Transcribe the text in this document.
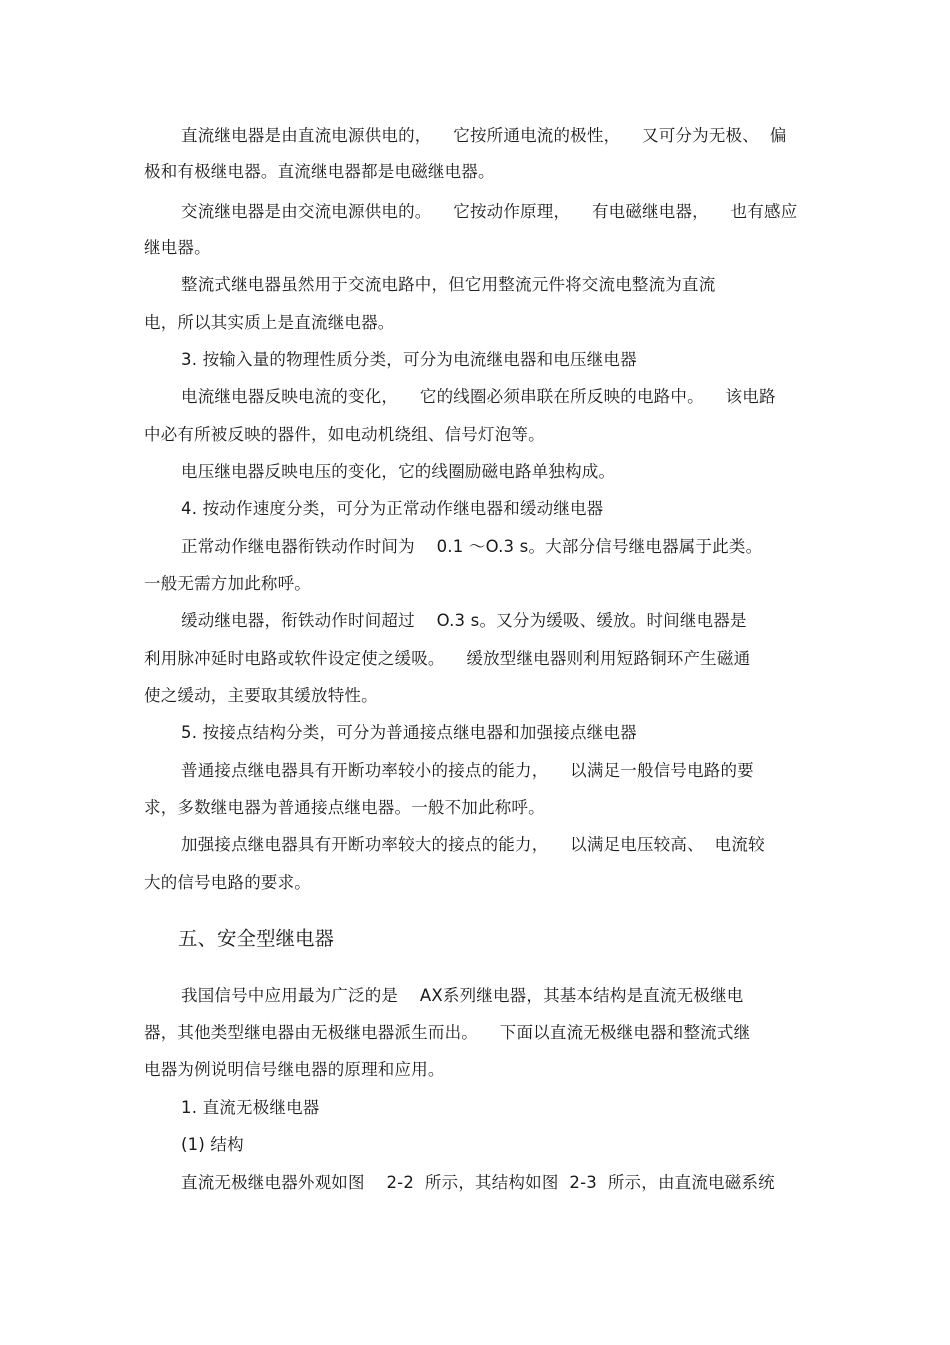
直流继电器是由直流电源供电的，    它按所通电流的极性，    又可分为无极、  偏
极和有极继电器。直流继电器都是电磁继电器。
交流继电器是由交流电源供电的。    它按动作原理，    有电磁继电器，    也有感应
继电器。
整流式继电器虽然用于交流电路中，但它用整流元件将交流电整流为直流
电，所以其实质上是直流继电器。
3. 按输入量的物理性质分类，可分为电流继电器和电压继电器
电流继电器反映电流的变化，    它的线圈必须串联在所反映的电路中。    该电路
中必有所被反映的器件，如电动机绕组、信号灯泡等。
电压继电器反映电压的变化，它的线圈励磁电路单独构成。
4. 按动作速度分类，可分为正常动作继电器和缓动继电器
正常动作继电器衔铁动作时间为    0.1 ～O.3 s。大部分信号继电器属于此类。
一般无需方加此称呼。
缓动继电器，衔铁动作时间超过    O.3 s。又分为缓吸、缓放。时间继电器是
利用脉冲延时电路或软件设定使之缓吸。    缓放型继电器则利用短路铜环产生磁通
使之缓动，主要取其缓放特性。
5. 按接点结构分类，可分为普通接点继电器和加强接点继电器
普通接点继电器具有开断功率较小的接点的能力，    以满足一般信号电路的要
求，多数继电器为普通接点继电器。一般不加此称呼。
加强接点继电器具有开断功率较大的接点的能力，    以满足电压较高、  电流较
大的信号电路的要求。
五、安全型继电器
我国信号中应用最为广泛的是    AX系列继电器，其基本结构是直流无极继电
器，其他类型继电器由无极继电器派生而出。    下面以直流无极继电器和整流式继
电器为例说明信号继电器的原理和应用。
1. 直流无极继电器
(1) 结构
直流无极继电器外观如图    2-2  所示，其结构如图  2-3  所示，由直流电磁系统
